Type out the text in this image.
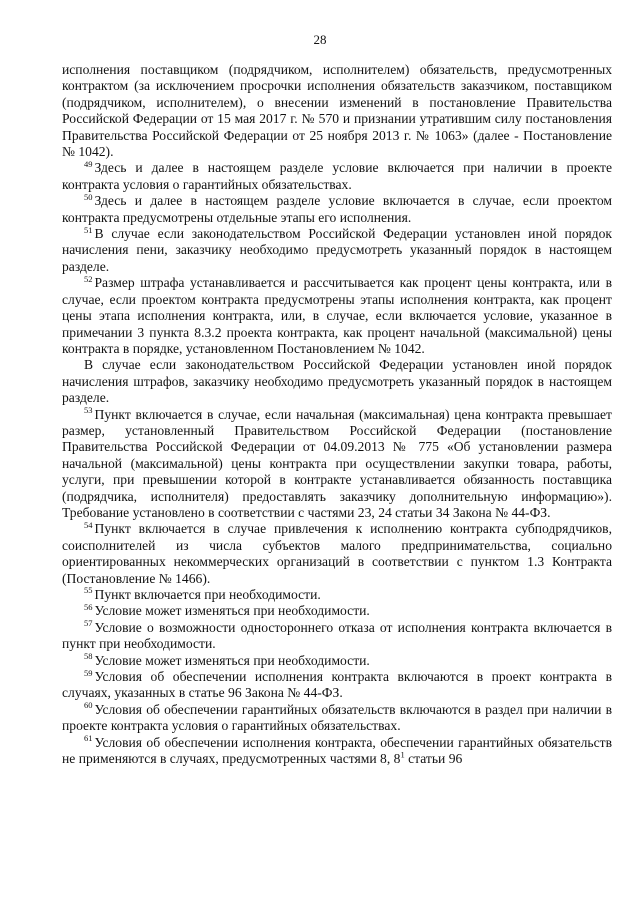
28

исполнения поставщиком (подрядчиком, исполнителем) обязательств, предусмотренных контрактом (за исключением просрочки исполнения обязательств заказчиком, поставщиком (подрядчиком, исполнителем), о внесении изменений в постановление Правительства Российской Федерации от 15 мая 2017 г. № 570 и признании утратившим силу постановления Правительства Российской Федерации от 25 ноября 2013 г. № 1063» (далее - Постановление № 1042).

$^{49}$ Здесь и далее в настоящем разделе условие включается при наличии в проекте контракта условия о гарантийных обязательствах.

$^{50}$ Здесь и далее в настоящем разделе условие включается в случае, если проектом контракта предусмотрены отдельные этапы его исполнения.

$^{51}$ В случае если законодательством Российской Федерации установлен иной порядок начисления пени, заказчику необходимо предусмотреть указанный порядок в настоящем разделе.

$^{52}$ Размер штрафа устанавливается и рассчитывается как процент цены контракта, или в случае, если проектом контракта предусмотрены этапы исполнения контракта, как процент цены этапа исполнения контракта, или, в случае, если включается условие, указанное в примечании 3 пункта 8.3.2 проекта контракта, как процент начальной (максимальной) цены контракта в порядке, установленном Постановлением № 1042.

В случае если законодательством Российской Федерации установлен иной порядок начисления штрафов, заказчику необходимо предусмотреть указанный порядок в настоящем разделе.

$^{53}$ Пункт включается в случае, если начальная (максимальная) цена контракта превышает размер, установленный Правительством Российской Федерации (постановление Правительства Российской Федерации от 04.09.2013 № 775 «Об установлении размера начальной (максимальной) цены контракта при осуществлении закупки товара, работы, услуги, при превышении которой в контракте устанавливается обязанность поставщика (подрядчика, исполнителя) предоставлять заказчику дополнительную информацию»). Требование установлено в соответствии с частями 23, 24 статьи 34 Закона № 44-ФЗ.

$^{54}$ Пункт включается в случае привлечения к исполнению контракта субподрядчиков, соисполнителей из числа субъектов малого предпринимательства, социально ориентированных некоммерческих организаций в соответствии с пунктом 1.3 Контракта (Постановление № 1466).

$^{55}$ Пункт включается при необходимости.

$^{56}$ Условие может изменяться при необходимости.

$^{57}$ Условие о возможности одностороннего отказа от исполнения контракта включается в пункт при необходимости.

$^{58}$ Условие может изменяться при необходимости.

$^{59}$ Условия об обеспечении исполнения контракта включаются в проект контракта в случаях, указанных в статье 96 Закона № 44-ФЗ.

$^{60}$ Условия об обеспечении гарантийных обязательств включаются в раздел при наличии в проекте контракта условия о гарантийных обязательствах.

$^{61}$ Условия об обеспечении исполнения контракта, обеспечении гарантийных обязательств не применяются в случаях, предусмотренных частями 8, $8^1$ статьи 96
